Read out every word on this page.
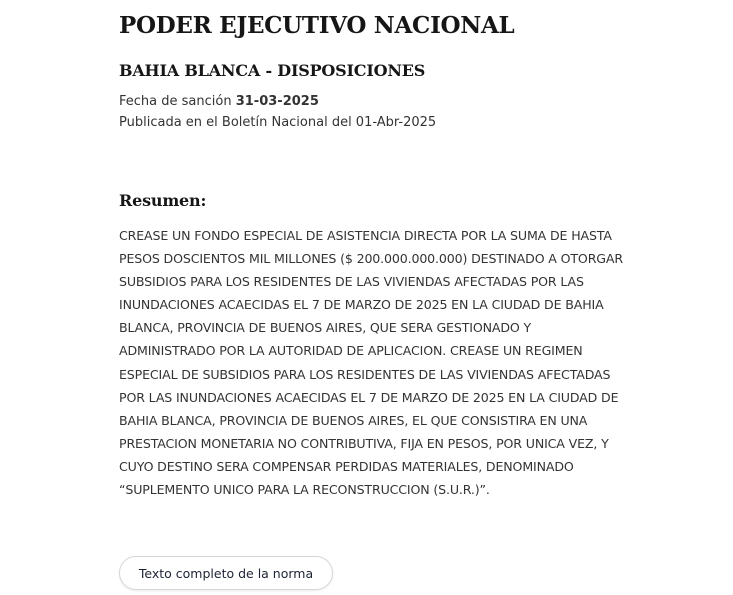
PODER EJECUTIVO NACIONAL
BAHIA BLANCA - DISPOSICIONES
Fecha de sanción 31-03-2025
Publicada en el Boletín Nacional del 01-Abr-2025
Resumen:
CREASE UN FONDO ESPECIAL DE ASISTENCIA DIRECTA POR LA SUMA DE HASTA
PESOS DOSCIENTOS MIL MILLONES ($ 200.000.000.000) DESTINADO A OTORGAR
SUBSIDIOS PARA LOS RESIDENTES DE LAS VIVIENDAS AFECTADAS POR LAS
INUNDACIONES ACAECIDAS EL 7 DE MARZO DE 2025 EN LA CIUDAD DE BAHIA
BLANCA, PROVINCIA DE BUENOS AIRES, QUE SERA GESTIONADO Y
ADMINISTRADO POR LA AUTORIDAD DE APLICACION. CREASE UN REGIMEN
ESPECIAL DE SUBSIDIOS PARA LOS RESIDENTES DE LAS VIVIENDAS AFECTADAS
POR LAS INUNDACIONES ACAECIDAS EL 7 DE MARZO DE 2025 EN LA CIUDAD DE
BAHIA BLANCA, PROVINCIA DE BUENOS AIRES, EL QUE CONSISTIRA EN UNA
PRESTACION MONETARIA NO CONTRIBUTIVA, FIJA EN PESOS, POR UNICA VEZ, Y
CUYO DESTINO SERA COMPENSAR PERDIDAS MATERIALES, DENOMINADO
“SUPLEMENTO UNICO PARA LA RECONSTRUCCION (S.U.R.)”.
Texto completo de la norma
